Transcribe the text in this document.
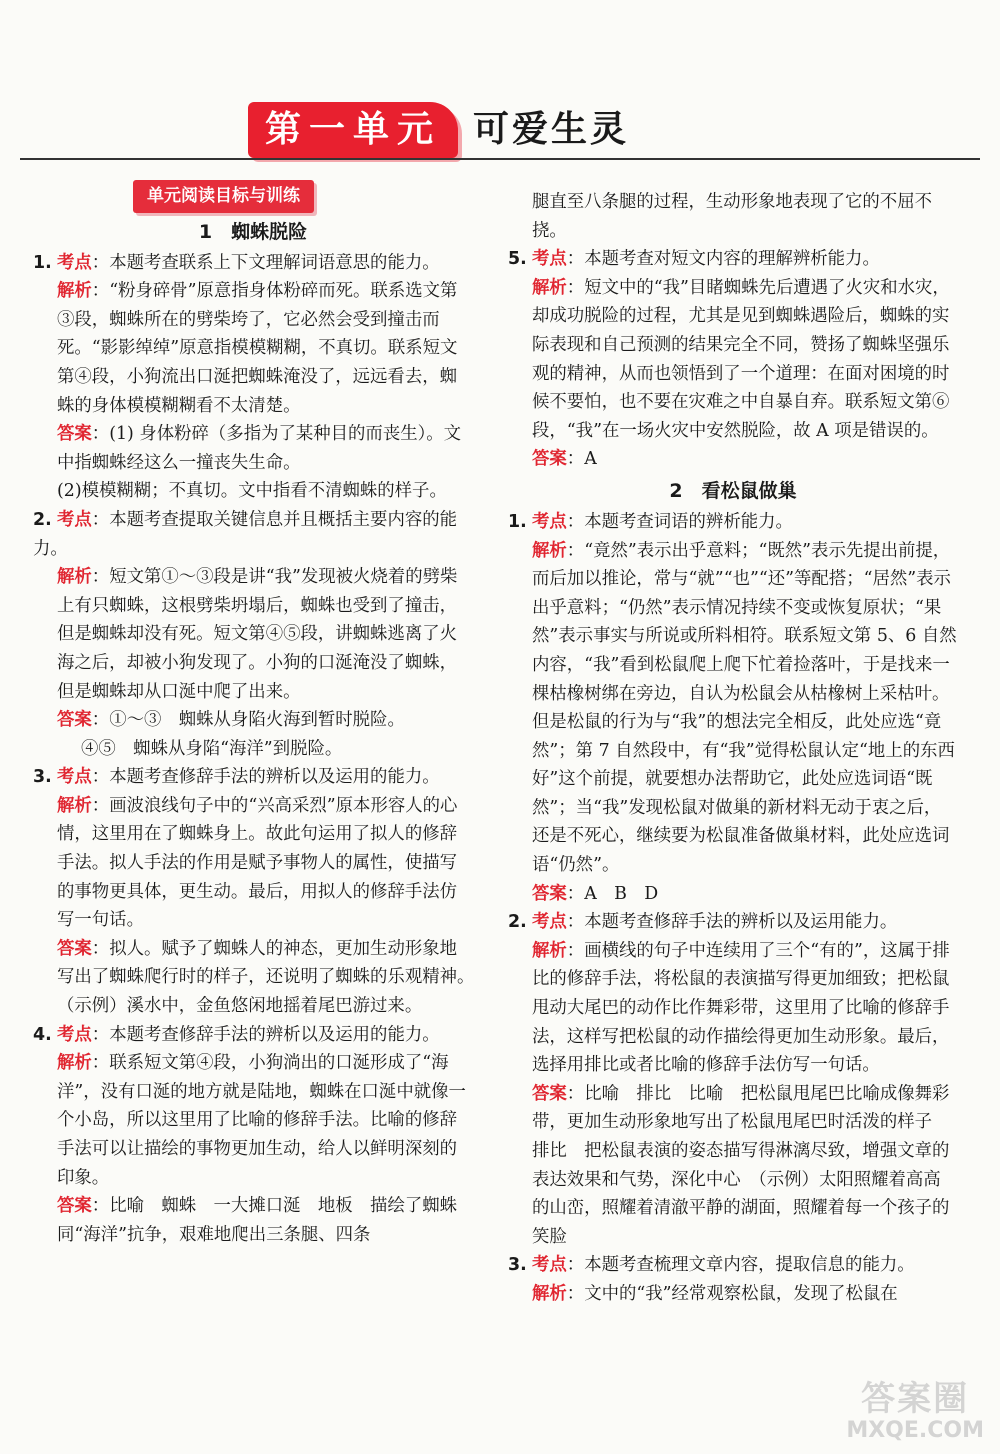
第一单元 可爱生灵
单元阅读目标与训练

1　蜘蛛脱险

1. 考点：本题考查联系上下文理解词语意思的能力。

解析：“粉身碎骨”原意指身体粉碎而死。联系选文第③段，蜘蛛所在的劈柴垮了，它必然会受到撞击而死。“影影绰绰”原意指模模糊糊，不真切。联系短文第④段，小狗流出口涎把蜘蛛淹没了，远远看去，蜘蛛的身体模模糊糊看不太清楚。

答案：(1) 身体粉碎（多指为了某种目的而丧生）。文中指蜘蛛经这么一撞丧失生命。

(2)模模糊糊；不真切。文中指看不清蜘蛛的样子。

2. 考点：本题考查提取关键信息并且概括主要内容的能力。

解析：短文第①～③段是讲“我”发现被火烧着的劈柴上有只蜘蛛，这根劈柴坍塌后，蜘蛛也受到了撞击，但是蜘蛛却没有死。短文第④⑤段，讲蜘蛛逃离了火海之后，却被小狗发现了。小狗的口涎淹没了蜘蛛，但是蜘蛛却从口涎中爬了出来。

答案：①～③　蜘蛛从身陷火海到暂时脱险。

④⑤　蜘蛛从身陷“海洋”到脱险。

3. 考点：本题考查修辞手法的辨析以及运用的能力。

解析：画波浪线句子中的“兴高采烈”原本形容人的心情，这里用在了蜘蛛身上。故此句运用了拟人的修辞手法。拟人手法的作用是赋予事物人的属性，使描写的事物更具体，更生动。最后，用拟人的修辞手法仿写一句话。

答案：拟人。赋予了蜘蛛人的神态，更加生动形象地写出了蜘蛛爬行时的样子，还说明了蜘蛛的乐观精神。　（示例）溪水中，金鱼悠闲地摇着尾巴游过来。

4. 考点：本题考查修辞手法的辨析以及运用的能力。

解析：联系短文第④段，小狗淌出的口涎形成了“海洋”，没有口涎的地方就是陆地，蜘蛛在口涎中就像一个小岛，所以这里用了比喻的修辞手法。比喻的修辞手法可以让描绘的事物更加生动，给人以鲜明深刻的印象。

答案：比喻　蜘蛛　一大摊口涎　地板　描绘了蜘蛛同“海洋”抗争，艰难地爬出三条腿、四条

腿直至八条腿的过程，生动形象地表现了它的不屈不挠。

5. 考点：本题考查对短文内容的理解辨析能力。

解析：短文中的“我”目睹蜘蛛先后遭遇了火灾和水灾，却成功脱险的过程，尤其是见到蜘蛛遇险后，蜘蛛的实际表现和自己预测的结果完全不同，赞扬了蜘蛛坚强乐观的精神，从而也领悟到了一个道理：在面对困境的时候不要怕，也不要在灾难之中自暴自弃。联系短文第⑥段，“我”在一场火灾中安然脱险，故 A 项是错误的。

答案：A

2　看松鼠做巢

1. 考点：本题考查词语的辨析能力。

解析：“竟然”表示出乎意料；“既然”表示先提出前提，而后加以推论，常与“就”“也”“还”等配搭；“居然”表示出乎意料；“仍然”表示情况持续不变或恢复原状；“果然”表示事实与所说或所料相符。联系短文第 5、6 自然内容，“我”看到松鼠爬上爬下忙着捡落叶，于是找来一棵枯橡树绑在旁边，自认为松鼠会从枯橡树上采枯叶。但是松鼠的行为与“我”的想法完全相反，此处应选“竟然”；第 7 自然段中，有“我”觉得松鼠认定“地上的东西好”这个前提，就要想办法帮助它，此处应选词语“既然”；当“我”发现松鼠对做巢的新材料无动于衷之后，还是不死心，继续要为松鼠准备做巢材料，此处应选词语“仍然”。

答案：A　B　D

2. 考点：本题考查修辞手法的辨析以及运用能力。

解析：画横线的句子中连续用了三个“有的”，这属于排比的修辞手法，将松鼠的表演描写得更加细致；把松鼠甩动大尾巴的动作比作舞彩带，这里用了比喻的修辞手法，这样写把松鼠的动作描绘得更加生动形象。最后，选择用排比或者比喻的修辞手法仿写一句话。

答案：比喻　排比　比喻　把松鼠甩尾巴比喻成像舞彩带，更加生动形象地写出了松鼠甩尾巴时活泼的样子　排比　把松鼠表演的姿态描写得淋漓尽致，增强文章的表达效果和气势，深化中心　（示例）太阳照耀着高高的山峦，照耀着清澈平静的湖面，照耀着每一个孩子的笑脸

3. 考点：本题考查梳理文章内容，提取信息的能力。

解析：文中的“我”经常观察松鼠，发现了松鼠在

答案圈
MXQE.COM
